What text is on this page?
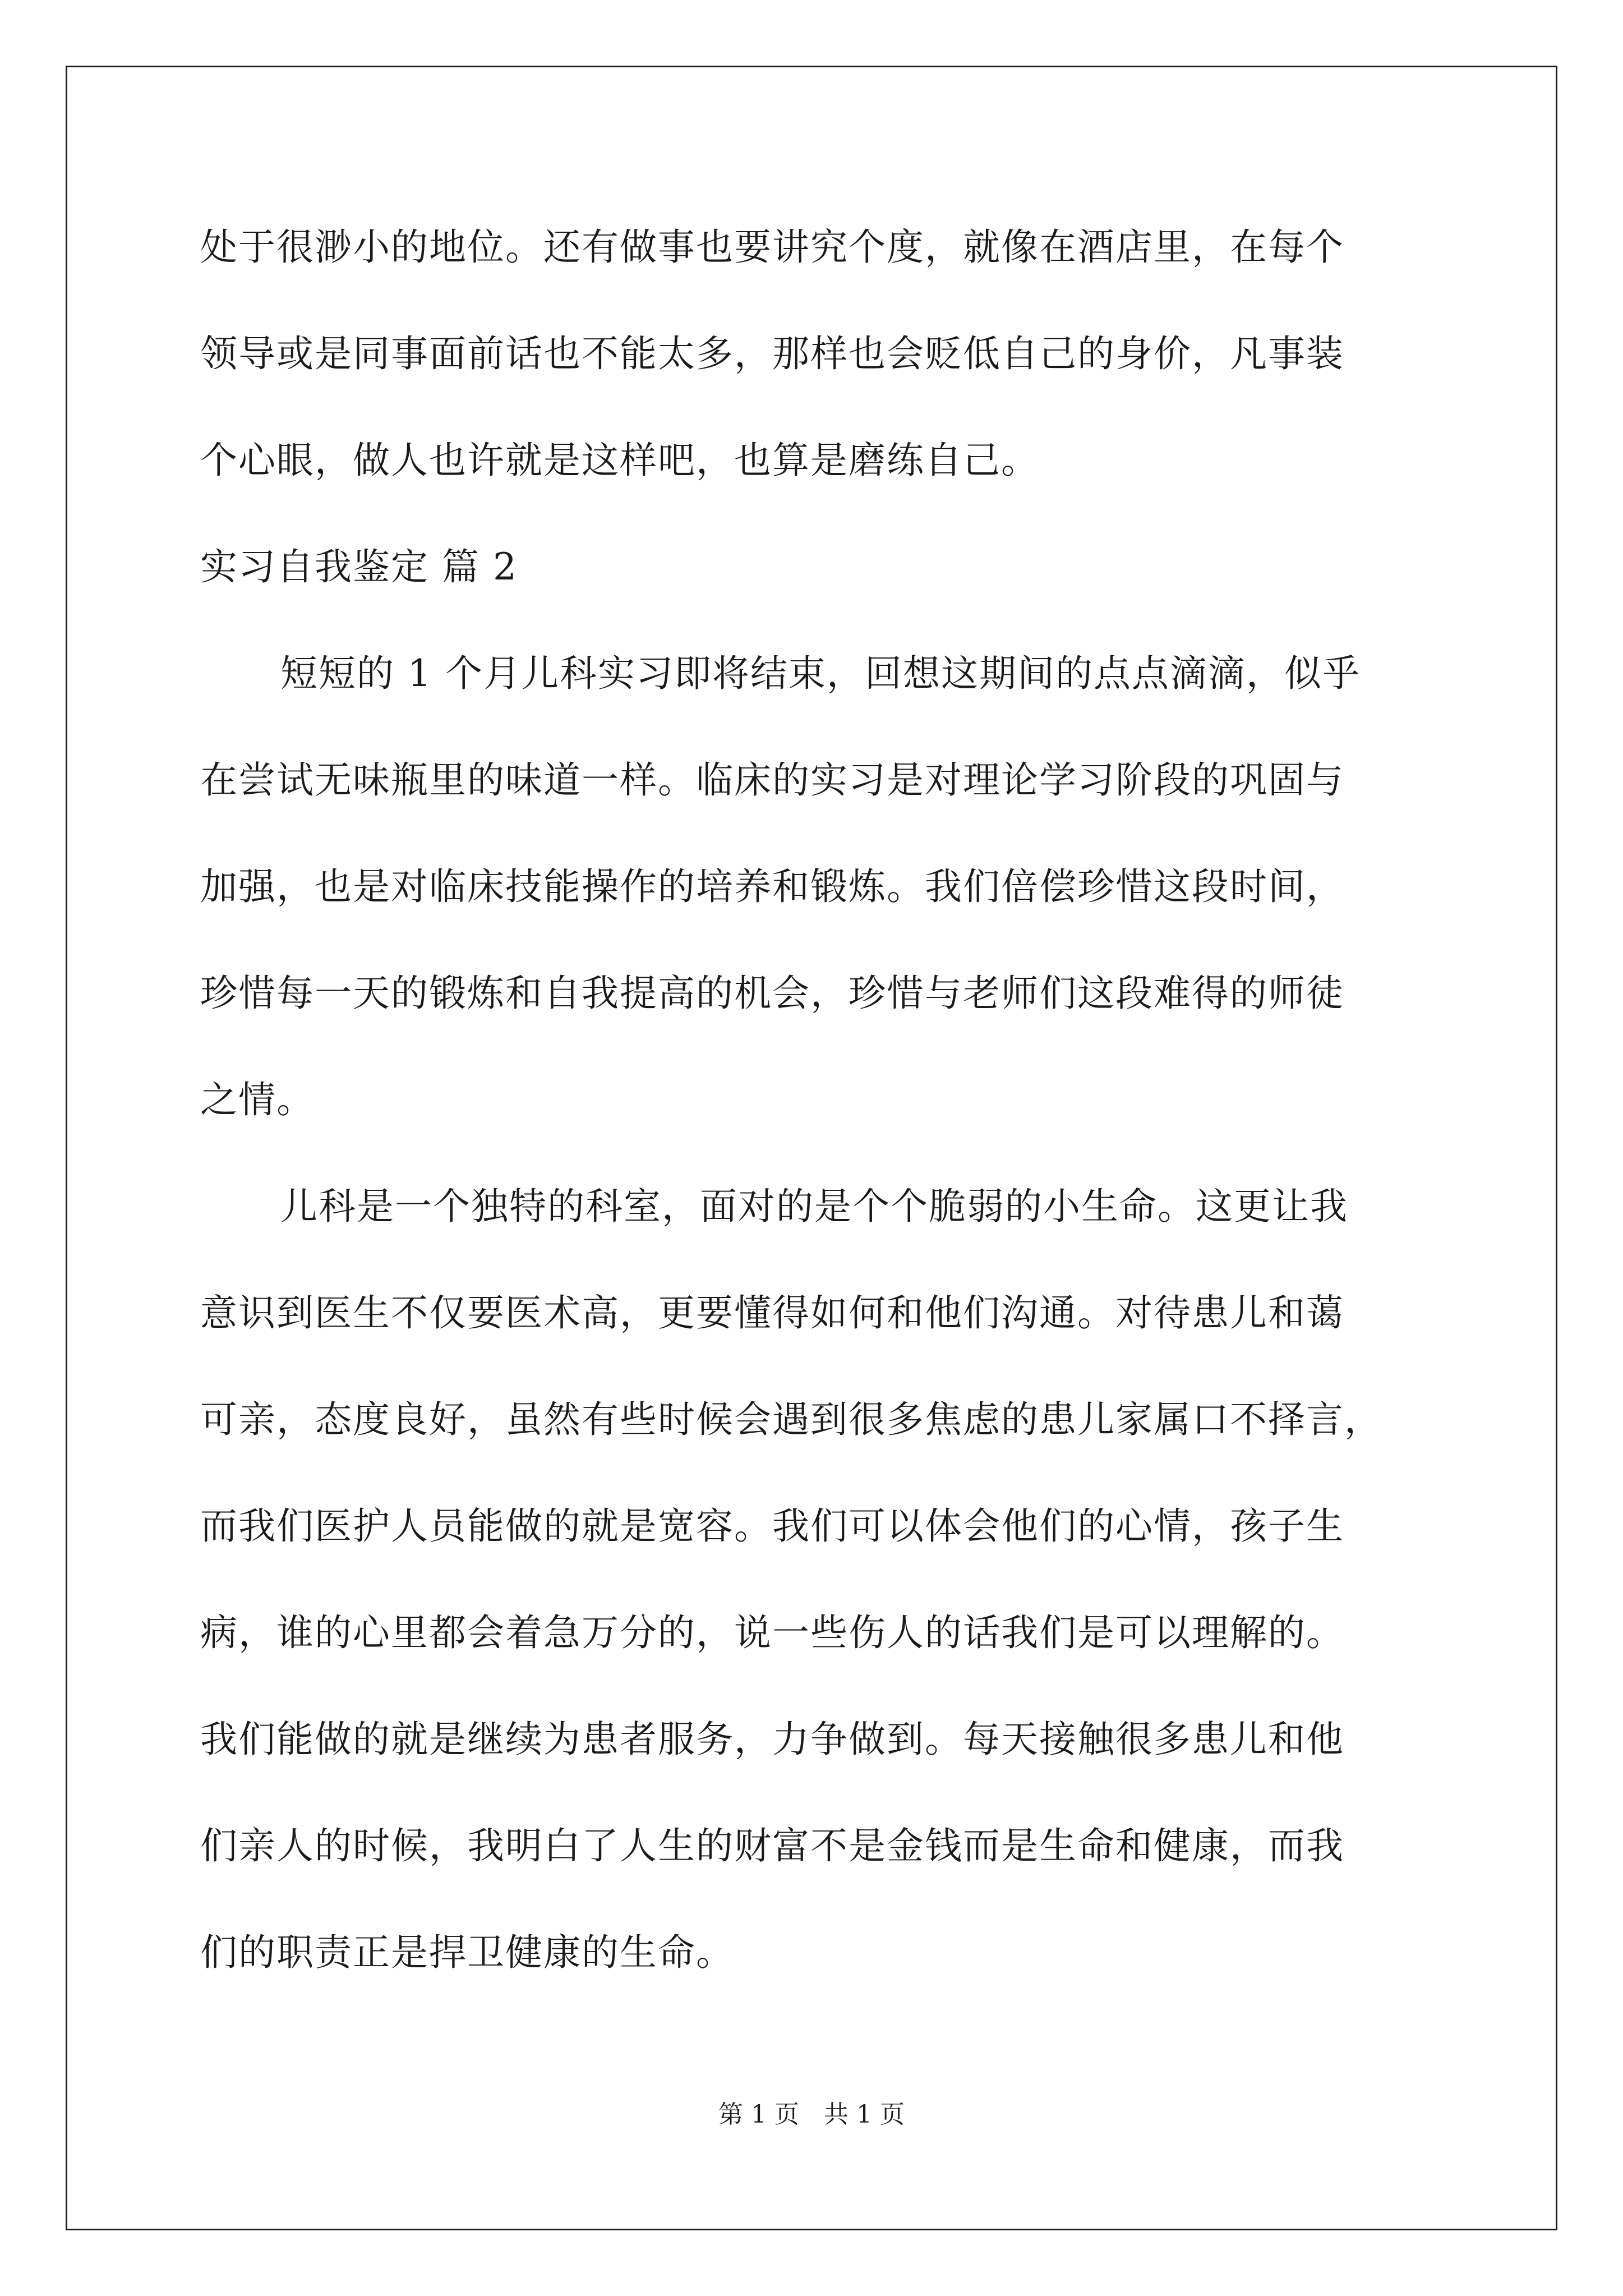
处于很渺小的地位。还有做事也要讲究个度，就像在酒店里，在每个
领导或是同事面前话也不能太多，那样也会贬低自己的身价，凡事装
个心眼，做人也许就是这样吧，也算是磨练自己。
实习自我鉴定 篇 2
短短的 1 个月儿科实习即将结束，回想这期间的点点滴滴，似乎
在尝试无味瓶里的味道一样。临床的实习是对理论学习阶段的巩固与
加强，也是对临床技能操作的培养和锻炼。我们倍偿珍惜这段时间，
珍惜每一天的锻炼和自我提高的机会，珍惜与老师们这段难得的师徒
之情。
儿科是一个独特的科室，面对的是个个脆弱的小生命。这更让我
意识到医生不仅要医术高，更要懂得如何和他们沟通。对待患儿和蔼
可亲，态度良好，虽然有些时候会遇到很多焦虑的患儿家属口不择言，
而我们医护人员能做的就是宽容。我们可以体会他们的心情，孩子生
病，谁的心里都会着急万分的，说一些伤人的话我们是可以理解的。
我们能做的就是继续为患者服务，力争做到。每天接触很多患儿和他
们亲人的时候，我明白了人生的财富不是金钱而是生命和健康，而我
们的职责正是捍卫健康的生命。
第 1 页　共 1 页
